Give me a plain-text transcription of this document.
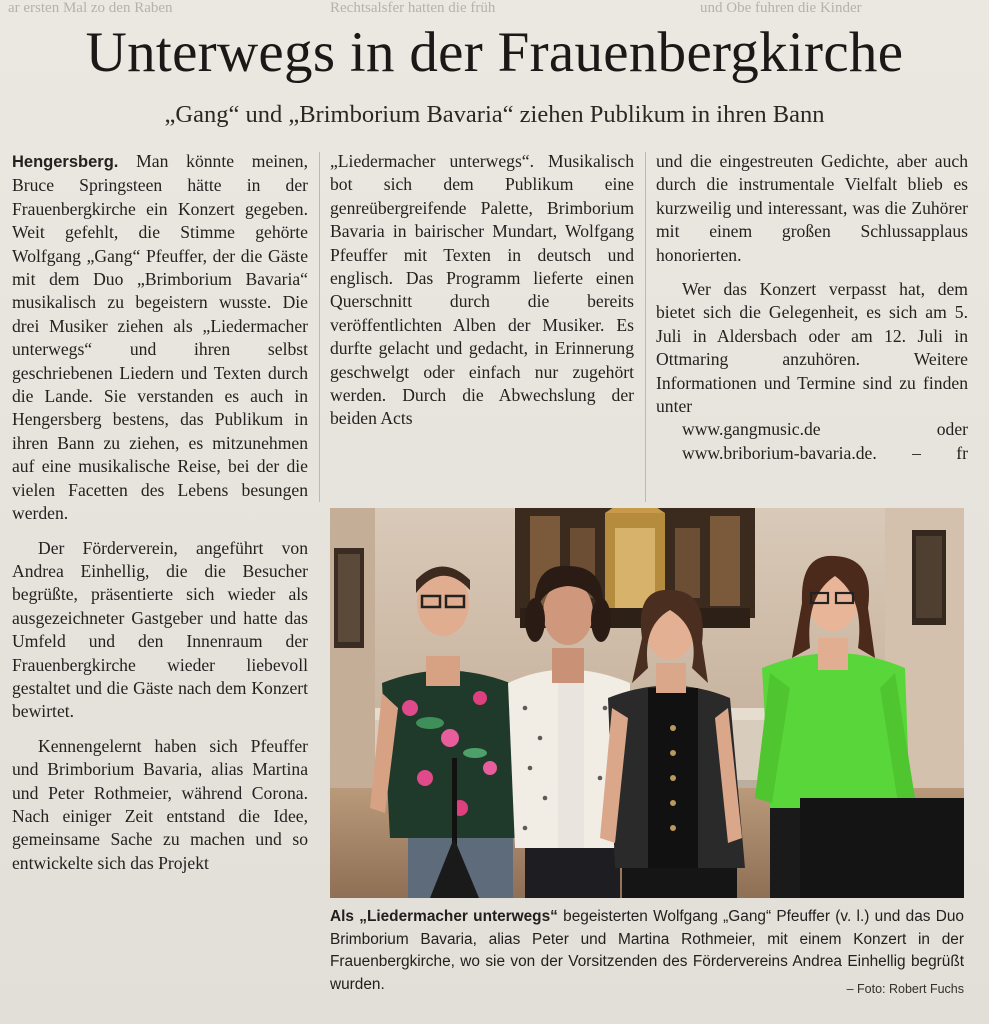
ar ersten Mal zo den Raben	Rechtsalsfer hatten die früh	und Obe fuhren die Kinder
Unterwegs in der Frauenbergkirche
„Gang“ und „Brimborium Bavaria“ ziehen Publikum in ihren Bann

Hengersberg. Man könnte meinen, Bruce Springsteen hätte in der Frauenbergkirche ein Konzert gegeben. Weit gefehlt, die Stimme gehörte Wolfgang „Gang“ Pfeuffer, der die Gäste mit dem Duo „Brimborium Bavaria“ musikalisch zu begeistern wusste. Die drei Musiker ziehen als „Liedermacher unterwegs“ und ihren selbst geschriebenen Liedern und Texten durch die Lande. Sie verstanden es auch in Hengersberg bestens, das Publikum in ihren Bann zu ziehen, es mitzunehmen auf eine musikalische Reise, bei der die vielen Facetten des Lebens besungen werden.

Der Förderverein, angeführt von Andrea Einhellig, die die Besucher begrüßte, präsentierte sich wieder als ausgezeichneter Gastgeber und hatte das Umfeld und den Innenraum der Frauenbergkirche wieder liebevoll gestaltet und die Gäste nach dem Konzert bewirtet.

Kennengelernt haben sich Pfeuffer und Brimborium Bavaria, alias Martina und Peter Rothmeier, während Corona. Nach einiger Zeit entstand die Idee, gemeinsame Sache zu machen und so entwickelte sich das Projekt

„Liedermacher unterwegs“. Musikalisch bot sich dem Publikum eine genreübergreifende Palette, Brimborium Bavaria in bairischer Mundart, Wolfgang Pfeuffer mit Texten in deutsch und englisch. Das Programm lieferte einen Querschnitt durch die bereits veröffentlichten Alben der Musiker. Es durfte gelacht und gedacht, in Erinnerung geschwelgt oder einfach nur zugehört werden. Durch die Abwechslung der beiden Acts

und die eingestreuten Gedichte, aber auch durch die instrumentale Vielfalt blieb es kurzweilig und interessant, was die Zuhörer mit einem großen Schlussapplaus honorierten.

Wer das Konzert verpasst hat, dem bietet sich die Gelegenheit, es sich am 5. Juli in Aldersbach oder am 12. Juli in Ottmaring anzuhören. Weitere Informationen und Termine sind zu finden unter

www.gangmusic.de	oder

www.briborium-bavaria.de. – fr

Als „Liedermacher unterwegs“ begeisterten Wolfgang „Gang“ Pfeuffer (v. l.) und das Duo Brimborium Bavaria, alias Peter und Martina Rothmeier, mit einem Konzert in der Frauenbergkirche, wo sie von der Vorsitzenden des Fördervereins Andrea Einhellig begrüßt wurden.	– Foto: Robert Fuchs
